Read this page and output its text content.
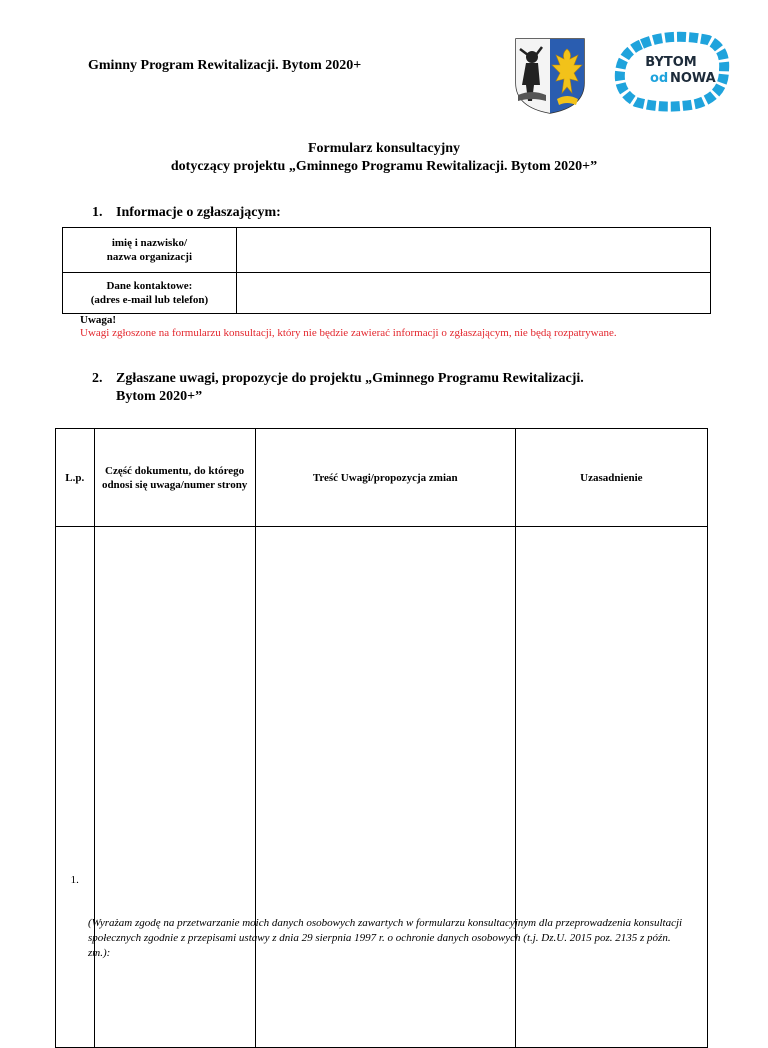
Gminny Program Rewitalizacji. Bytom 2020+	BYTOM
od NOWA
Formularz konsultacyjny
dotyczący projektu „Gminnego Programu Rewitalizacji. Bytom 2020+”
1. Informacje o zgłaszającym:
imię i nazwisko/
nazwa organizacji	

Dane kontaktowe:
(adres e-mail lub telefon)	

Uwaga!
Uwagi zgłoszone na formularzu konsultacji, który nie będzie zawierać informacji o zgłaszającym, nie będą rozpatrywane.
2. Zgłaszane uwagi, propozycje do projektu „Gminnego Programu Rewitalizacji.
Bytom 2020+”
L.p.	Część dokumentu, do którego odnosi się uwaga/numer strony	Treść Uwagi/propozycja zmian	Uzasadnienie
1.			
(Wyrażam zgodę na przetwarzanie moich danych osobowych zawartych w formularzu konsultacyjnym dla przeprowadzenia konsultacji społecznych zgodnie z przepisami ustawy z dnia 29 sierpnia 1997 r. o ochronie danych osobowych (t.j. Dz.U. 2015 poz. 2135 z późn. zm.):
